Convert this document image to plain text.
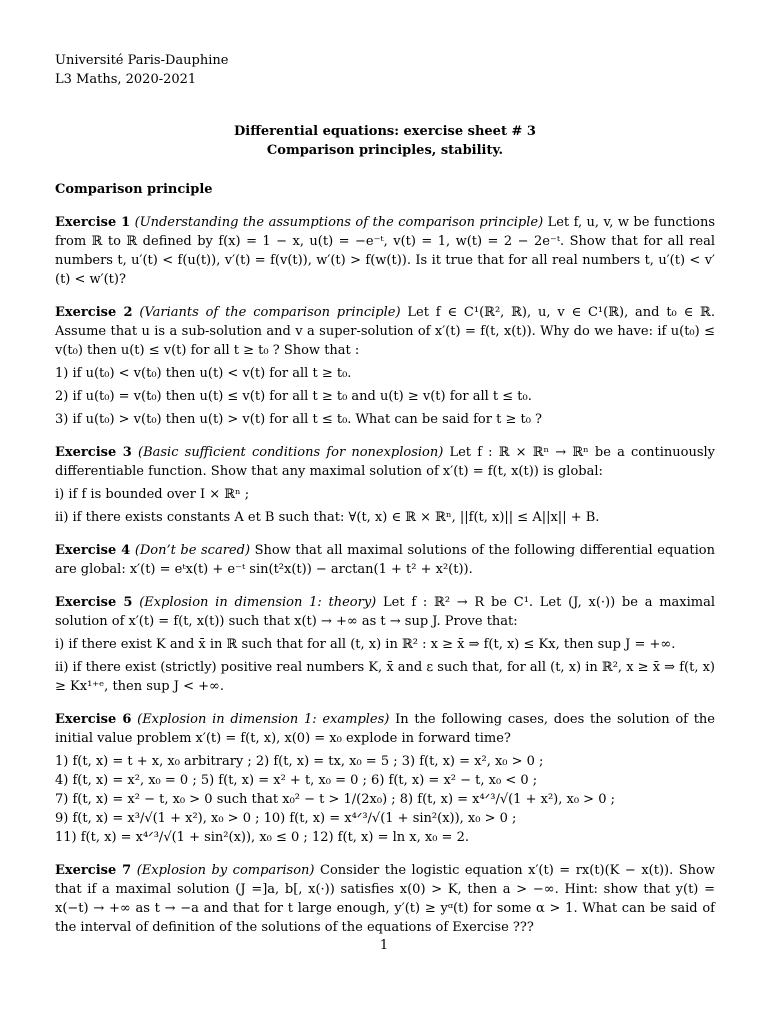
Université Paris-Dauphine
L3 Maths, 2020-2021
Differential equations: exercise sheet # 3
Comparison principles, stability.
Comparison principle
Exercise 1 (Understanding the assumptions of the comparison principle) Let f, u, v, w be functions from ℝ to ℝ defined by f(x) = 1 − x, u(t) = −e⁻ᵗ, v(t) = 1, w(t) = 2 − 2e⁻ᵗ. Show that for all real numbers t, u′(t) < f(u(t)), v′(t) = f(v(t)), w′(t) > f(w(t)). Is it true that for all real numbers t, u′(t) < v′(t) < w′(t)?
Exercise 2 (Variants of the comparison principle) Let f ∈ C¹(ℝ², ℝ), u, v ∈ C¹(ℝ), and t₀ ∈ ℝ. Assume that u is a sub-solution and v a super-solution of x′(t) = f(t, x(t)). Why do we have: if u(t₀) ≤ v(t₀) then u(t) ≤ v(t) for all t ≥ t₀ ? Show that :
1) if u(t₀) < v(t₀) then u(t) < v(t) for all t ≥ t₀.
2) if u(t₀) = v(t₀) then u(t) ≤ v(t) for all t ≥ t₀ and u(t) ≥ v(t) for all t ≤ t₀.
3) if u(t₀) > v(t₀) then u(t) > v(t) for all t ≤ t₀. What can be said for t ≥ t₀ ?
Exercise 3 (Basic sufficient conditions for nonexplosion) Let f : ℝ × ℝⁿ → ℝⁿ be a continuously differentiable function. Show that any maximal solution of x′(t) = f(t, x(t)) is global:
i) if f is bounded over I × ℝⁿ ;
ii) if there exists constants A et B such that: ∀(t, x) ∈ ℝ × ℝⁿ, ||f(t, x)|| ≤ A||x|| + B.
Exercise 4 (Don’t be scared) Show that all maximal solutions of the following differential equation are global: x′(t) = eᵗx(t) + e⁻ᵗ sin(t²x(t)) − arctan(1 + t² + x²(t)).
Exercise 5 (Explosion in dimension 1: theory) Let f : ℝ² → R be C¹. Let (J, x(·)) be a maximal solution of x′(t) = f(t, x(t)) such that x(t) → +∞ as t → sup J. Prove that:
i) if there exist K and x̄ in ℝ such that for all (t, x) in ℝ² : x ≥ x̄ ⇒ f(t, x) ≤ Kx, then sup J = +∞.
ii) if there exist (strictly) positive real numbers K, x̄ and ε such that, for all (t, x) in ℝ², x ≥ x̄ ⇒ f(t, x) ≥ Kx¹⁺ᵉ, then sup J < +∞.
Exercise 6 (Explosion in dimension 1: examples) In the following cases, does the solution of the initial value problem x′(t) = f(t, x), x(0) = x₀ explode in forward time?
1) f(t, x) = t + x, x₀ arbitrary ; 2) f(t, x) = tx, x₀ = 5 ; 3) f(t, x) = x², x₀ > 0 ;
4) f(t, x) = x², x₀ = 0 ; 5) f(t, x) = x² + t, x₀ = 0 ; 6) f(t, x) = x² − t, x₀ < 0 ;
7) f(t, x) = x² − t, x₀ > 0 such that x₀² − t > 1/(2x₀) ; 8) f(t, x) = x⁴ᐟ³/√(1 + x²), x₀ > 0 ;
9) f(t, x) = x³/√(1 + x²), x₀ > 0 ; 10) f(t, x) = x⁴ᐟ³/√(1 + sin²(x)), x₀ > 0 ;
11) f(t, x) = x⁴ᐟ³/√(1 + sin²(x)), x₀ ≤ 0 ; 12) f(t, x) = ln x, x₀ = 2.
Exercise 7 (Explosion by comparison) Consider the logistic equation x′(t) = rx(t)(K − x(t)). Show that if a maximal solution (J =]a, b[, x(·)) satisfies x(0) > K, then a > −∞. Hint: show that y(t) = x(−t) → +∞ as t → −a and that for t large enough, y′(t) ≥ yᵅ(t) for some α > 1. What can be said of the interval of definition of the solutions of the equations of Exercise ???
1
